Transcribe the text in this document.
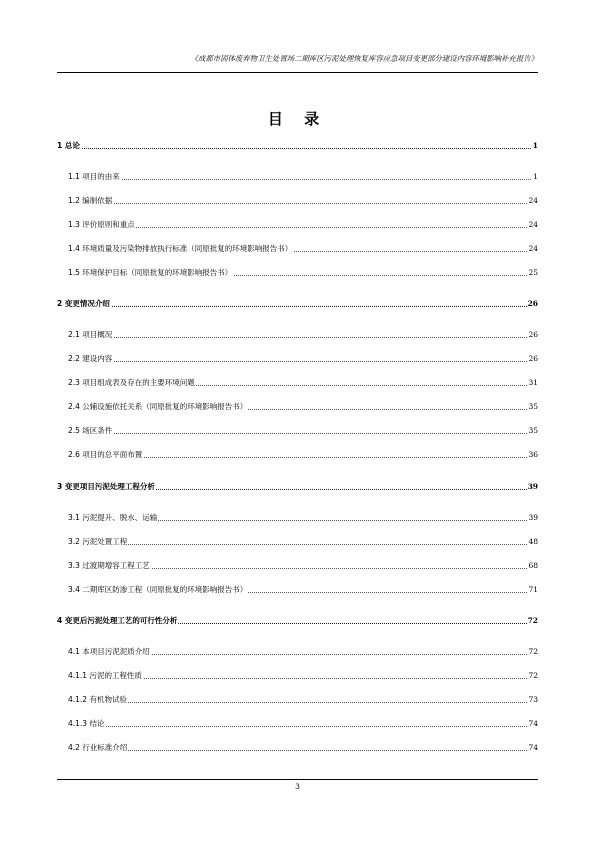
《成都市固体废弃物卫生处置场二期库区污泥处理恢复库容应急项目变更部分建设内容环境影响补充报告》
目 录
1 总论	1
1.1 项目的由来	1
1.2 编制依据	24
1.3 评价原则和重点	24
1.4 环境质量及污染物排放执行标准（同原批复的环境影响报告书）	24
1.5 环境保护目标（同原批复的环境影响报告书）	25
2 变更情况介绍	26
2.1 项目概况	26
2.2 建设内容	26
2.3 项目组成表及存在的主要环境问题	31
2.4 公辅设施依托关系（同原批复的环境影响报告书）	35
2.5 场区条件	35
2.6 项目的总平面布置	36
3 变更项目污泥处理工程分析	39
3.1 污泥提升、脱水、运输	39
3.2 污泥处置工程	48
3.3 过渡期增容工程工艺	68
3.4 二期库区防渗工程（同原批复的环境影响报告书）	71
4 变更后污泥处理工艺的可行性分析	72
4.1 本项目污泥泥质介绍	72
4.1.1 污泥的工程性质	72
4.1.2 有机物试验	73
4.1.3 结论	74
4.2 行业标准介绍	74
3
